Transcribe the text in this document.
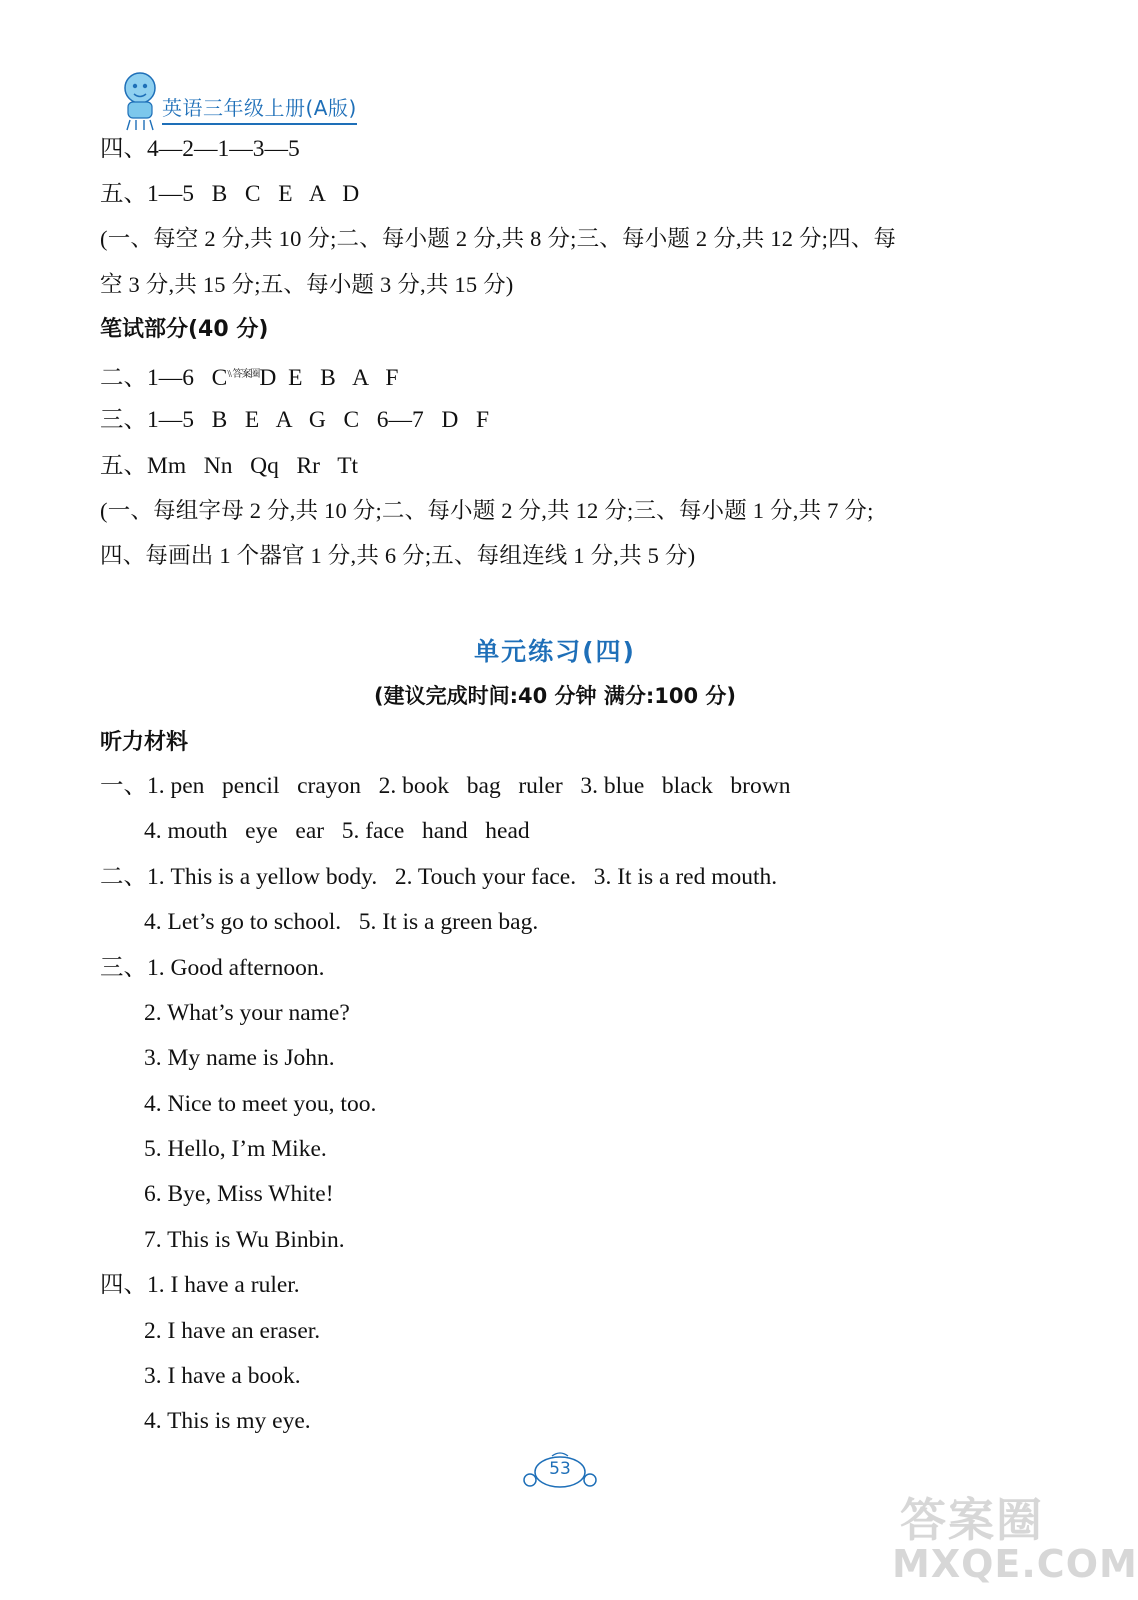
英语三年级上册(A版)
四、4—2—1—3—5
五、1—5   B   C   E   A   D
(一、每空 2 分,共 10 分;二、每小题 2 分,共 8 分;三、每小题 2 分,共 12 分;四、每
空 3 分,共 15 分;五、每小题 3 分,共 15 分)
笔试部分(40 分)
二、1—6   $C^{\backslash\backslash 答案圈}D$  E   B   A   F
三、1—5   B   E   A   G   C   6—7   D   F
五、Mm   Nn   Qq   Rr   Tt
(一、每组字母 2 分,共 10 分;二、每小题 2 分,共 12 分;三、每小题 1 分,共 7 分;
四、每画出 1 个器官 1 分,共 6 分;五、每组连线 1 分,共 5 分)
单元练习(四)
(建议完成时间:40 分钟 满分:100 分)
听力材料
一、1. pen   pencil   crayon   2. book   bag   ruler   3. blue   black   brown
4. mouth   eye   ear   5. face   hand   head
二、1. This is a yellow body.   2. Touch your face.   3. It is a red mouth.
4. Let’s go to school.   5. It is a green bag.
三、1. Good afternoon.
2. What’s your name?
3. My name is John.
4. Nice to meet you, too.
5. Hello, I’m Mike.
6. Bye, Miss White!
7. This is Wu Binbin.
四、1. I have a ruler.
2. I have an eraser.
3. I have a book.
4. This is my eye.
53
答案圈
MXQE.COM
